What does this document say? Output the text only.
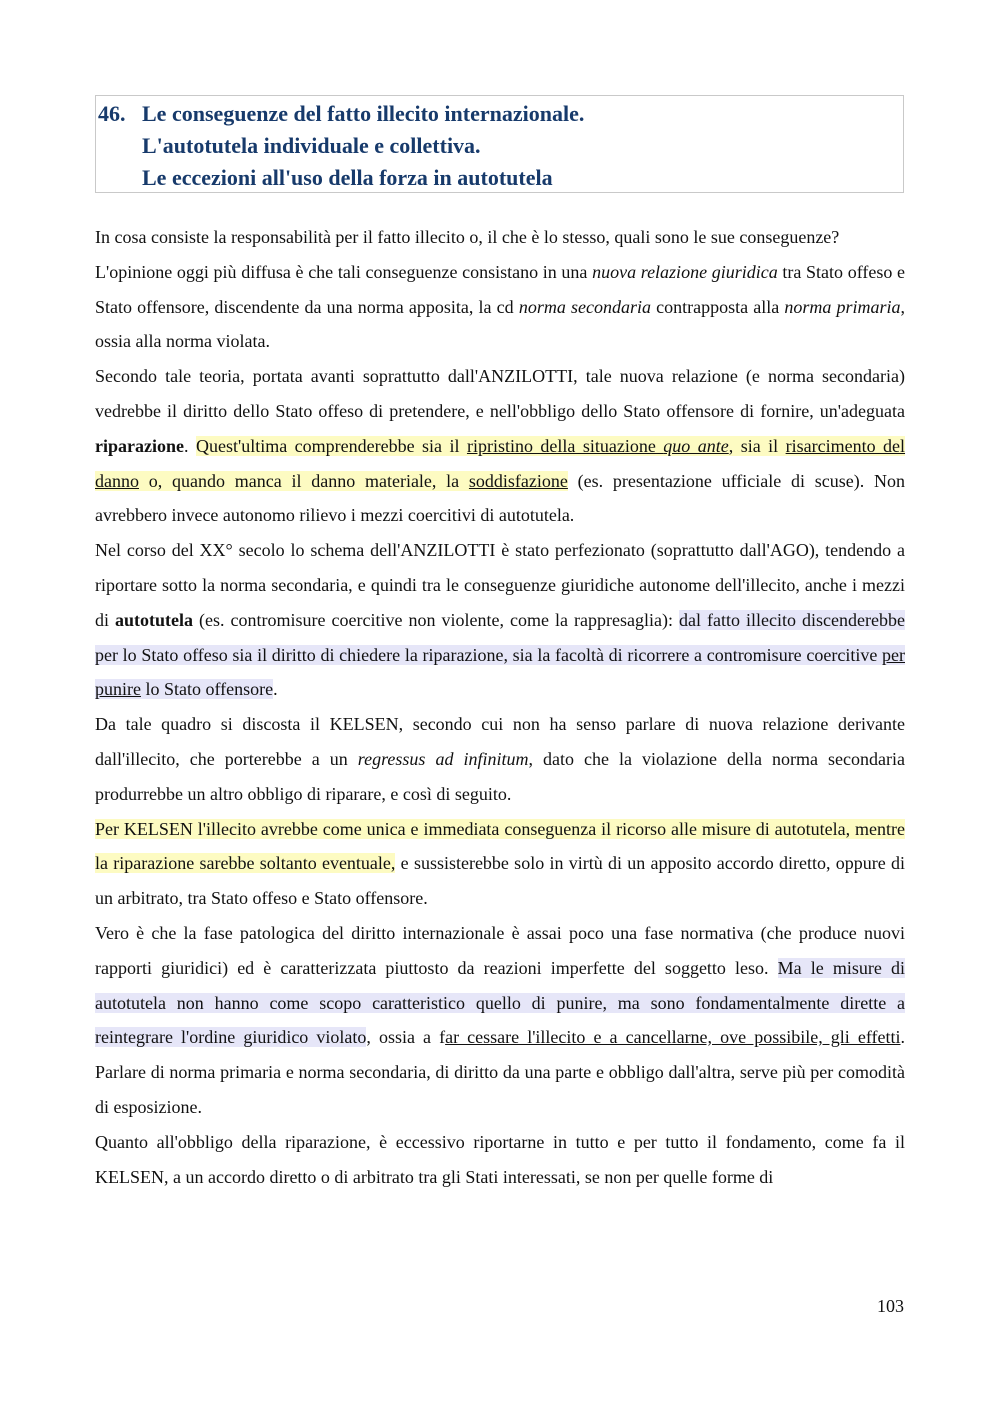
46. Le conseguenze del fatto illecito internazionale.
L'autotutela individuale e collettiva.
Le eccezioni all'uso della forza in autotutela

In cosa consiste la responsabilità per il fatto illecito o, il che è lo stesso, quali sono le sue conseguenze?

L'opinione oggi più diffusa è che tali conseguenze consistano in una nuova relazione giuridica tra Stato offeso e Stato offensore, discendente da una norma apposita, la cd norma secondaria contrapposta alla norma primaria, ossia alla norma violata.

Secondo tale teoria, portata avanti soprattutto dall'ANZILOTTI, tale nuova relazione (e norma secondaria) vedrebbe il diritto dello Stato offeso di pretendere, e nell'obbligo dello Stato offensore di fornire, un'adeguata riparazione. Quest'ultima comprenderebbe sia il ripristino della situazione quo ante, sia il risarcimento del danno o, quando manca il danno materiale, la soddisfazione (es. presentazione ufficiale di scuse). Non avrebbero invece autonomo rilievo i mezzi coercitivi di autotutela.

Nel corso del XX° secolo lo schema dell'ANZILOTTI è stato perfezionato (soprattutto dall'AGO), tendendo a riportare sotto la norma secondaria, e quindi tra le conseguenze giuridiche autonome dell'illecito, anche i mezzi di autotutela (es. contromisure coercitive non violente, come la rappresaglia): dal fatto illecito discenderebbe per lo Stato offeso sia il diritto di chiedere la riparazione, sia la facoltà di ricorrere a contromisure coercitive per punire lo Stato offensore.

Da tale quadro si discosta il KELSEN, secondo cui non ha senso parlare di nuova relazione derivante dall'illecito, che porterebbe a un regressus ad infinitum, dato che la violazione della norma secondaria produrrebbe un altro obbligo di riparare, e così di seguito.

Per KELSEN l'illecito avrebbe come unica e immediata conseguenza il ricorso alle misure di autotutela, mentre la riparazione sarebbe soltanto eventuale, e sussisterebbe solo in virtù di un apposito accordo diretto, oppure di un arbitrato, tra Stato offeso e Stato offensore.

Vero è che la fase patologica del diritto internazionale è assai poco una fase normativa (che produce nuovi rapporti giuridici) ed è caratterizzata piuttosto da reazioni imperfette del soggetto leso. Ma le misure di autotutela non hanno come scopo caratteristico quello di punire, ma sono fondamentalmente dirette a reintegrare l'ordine giuridico violato, ossia a far cessare l'illecito e a cancellarne, ove possibile, gli effetti. Parlare di norma primaria e norma secondaria, di diritto da una parte e obbligo dall'altra, serve più per comodità di esposizione.

Quanto all'obbligo della riparazione, è eccessivo riportarne in tutto e per tutto il fondamento, come fa il KELSEN, a un accordo diretto o di arbitrato tra gli Stati interessati, se non per quelle forme di

103
